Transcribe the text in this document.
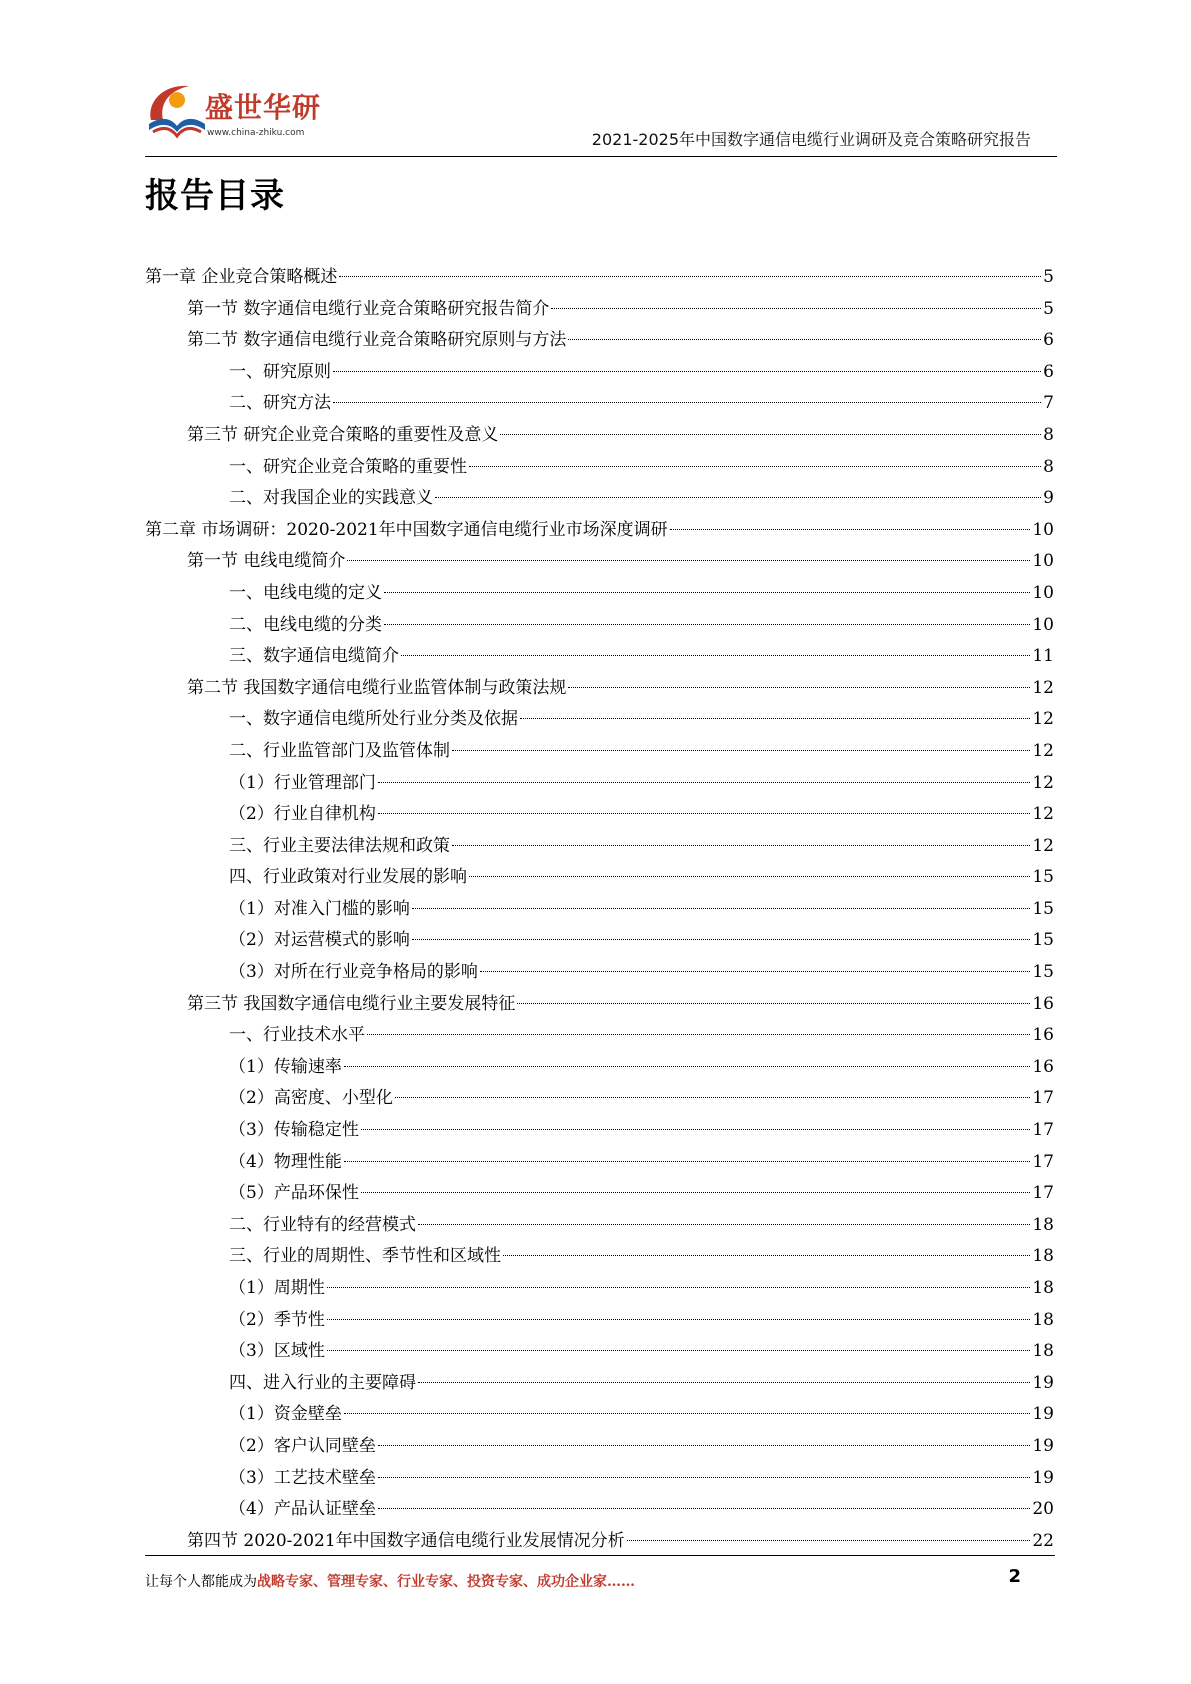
盛世华研
www.china-zhiku.com	2021-2025年中国数字通信电缆行业调研及竞合策略研究报告
报告目录
第一章 企业竞合策略概述	5
第一节 数字通信电缆行业竞合策略研究报告简介	5
第二节 数字通信电缆行业竞合策略研究原则与方法	6
一、研究原则	6
二、研究方法	7
第三节 研究企业竞合策略的重要性及意义	8
一、研究企业竞合策略的重要性	8
二、对我国企业的实践意义	9
第二章 市场调研：2020-2021年中国数字通信电缆行业市场深度调研	10
第一节 电线电缆简介	10
一、电线电缆的定义	10
二、电线电缆的分类	10
三、数字通信电缆简介	11
第二节 我国数字通信电缆行业监管体制与政策法规	12
一、数字通信电缆所处行业分类及依据	12
二、行业监管部门及监管体制	12
（1）行业管理部门	12
（2）行业自律机构	12
三、行业主要法律法规和政策	12
四、行业政策对行业发展的影响	15
（1）对准入门槛的影响	15
（2）对运营模式的影响	15
（3）对所在行业竞争格局的影响	15
第三节 我国数字通信电缆行业主要发展特征	16
一、行业技术水平	16
（1）传输速率	16
（2）高密度、小型化	17
（3）传输稳定性	17
（4）物理性能	17
（5）产品环保性	17
二、行业特有的经营模式	18
三、行业的周期性、季节性和区域性	18
（1）周期性	18
（2）季节性	18
（3）区域性	18
四、进入行业的主要障碍	19
（1）资金壁垒	19
（2）客户认同壁垒	19
（3）工艺技术壁垒	19
（4）产品认证壁垒	20
第四节 2020-2021年中国数字通信电缆行业发展情况分析	22
让每个人都能成为战略专家、管理专家、行业专家、投资专家、成功企业家……	2
